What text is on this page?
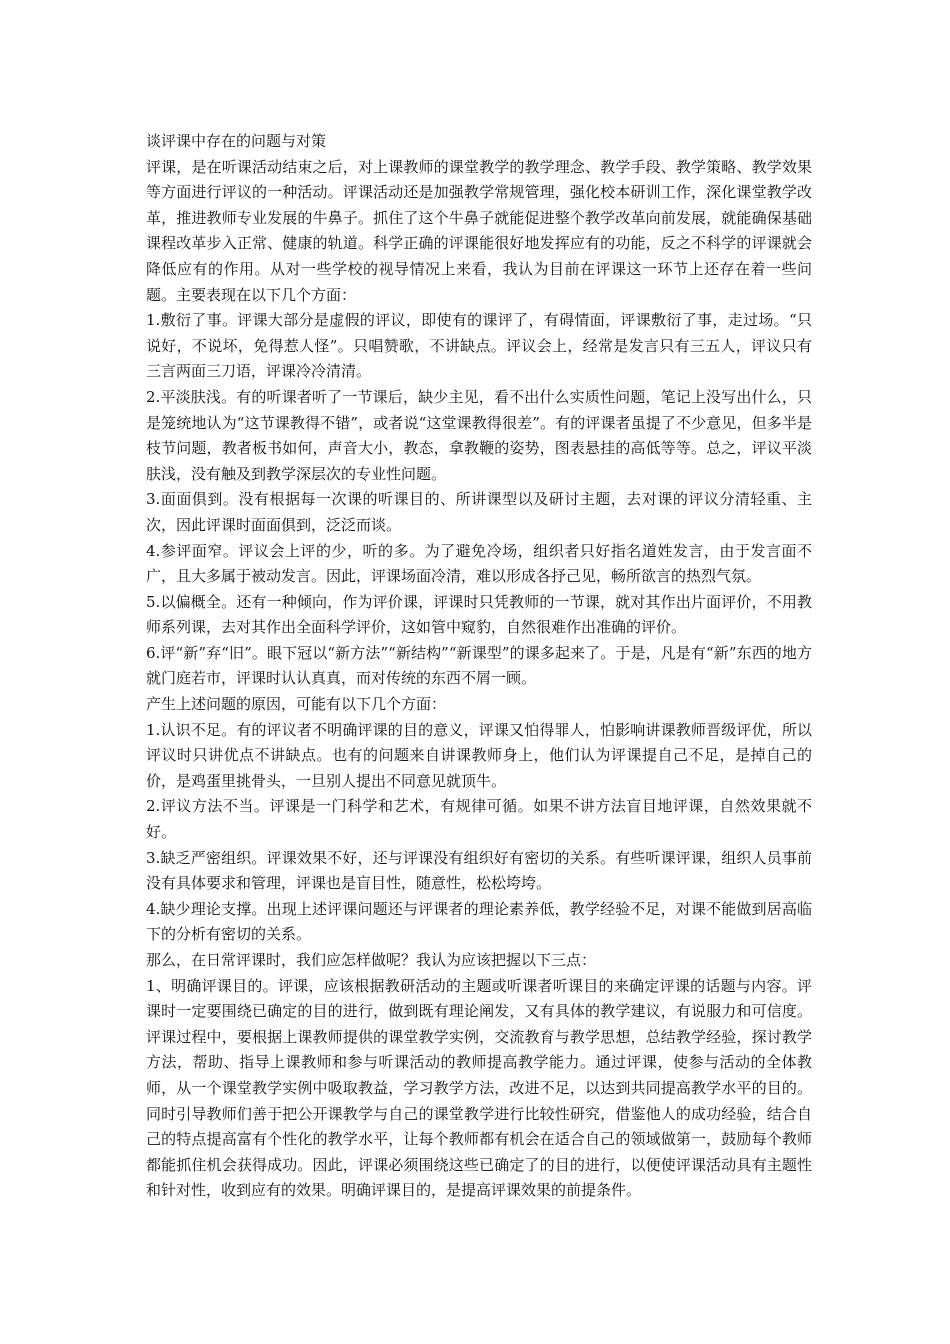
谈评课中存在的问题与对策

评课，是在听课活动结束之后，对上课教师的课堂教学的教学理念、教学手段、教学策略、教学效果等方面进行评议的一种活动。评课活动还是加强教学常规管理，强化校本研训工作，深化课堂教学改革，推进教师专业发展的牛鼻子。抓住了这个牛鼻子就能促进整个教学改革向前发展，就能确保基础课程改革步入正常、健康的轨道。科学正确的评课能很好地发挥应有的功能，反之不科学的评课就会降低应有的作用。从对一些学校的视导情况上来看，我认为目前在评课这一环节上还存在着一些问题。主要表现在以下几个方面：

1.敷衍了事。评课大部分是虚假的评议，即使有的课评了，有碍情面，评课敷衍了事，走过场。“只说好，不说坏，免得惹人怪”。只唱赞歌，不讲缺点。评议会上，经常是发言只有三五人，评议只有三言两面三刀语，评课冷冷清清。

2.平淡肤浅。有的听课者听了一节课后，缺少主见，看不出什么实质性问题，笔记上没写出什么，只是笼统地认为“这节课教得不错”，或者说“这堂课教得很差”。有的评课者虽提了不少意见，但多半是枝节问题，教者板书如何，声音大小，教态，拿教鞭的姿势，图表悬挂的高低等等。总之，评议平淡肤浅，没有触及到教学深层次的专业性问题。

3.面面俱到。没有根据每一次课的听课目的、所讲课型以及研讨主题，去对课的评议分清轻重、主次，因此评课时面面俱到，泛泛而谈。

4.参评面窄。评议会上评的少，听的多。为了避免冷场，组织者只好指名道姓发言，由于发言面不广，且大多属于被动发言。因此，评课场面冷清，难以形成各抒己见，畅所欲言的热烈气氛。

5.以偏概全。还有一种倾向，作为评价课，评课时只凭教师的一节课，就对其作出片面评价，不用教师系列课，去对其作出全面科学评价，这如管中窥豹，自然很难作出准确的评价。

6.评“新”弃“旧”。眼下冠以“新方法”“新结构”“新课型”的课多起来了。于是，凡是有“新”东西的地方就门庭若市，评课时认认真真，而对传统的东西不屑一顾。

产生上述问题的原因，可能有以下几个方面：

1.认识不足。有的评议者不明确评课的目的意义，评课又怕得罪人，怕影响讲课教师晋级评优，所以评议时只讲优点不讲缺点。也有的问题来自讲课教师身上，他们认为评课提自己不足，是掉自己的价，是鸡蛋里挑骨头，一旦别人提出不同意见就顶牛。

2.评议方法不当。评课是一门科学和艺术，有规律可循。如果不讲方法盲目地评课，自然效果就不好。

3.缺乏严密组织。评课效果不好，还与评课没有组织好有密切的关系。有些听课评课，组织人员事前没有具体要求和管理，评课也是盲目性，随意性，松松垮垮。

4.缺少理论支撑。出现上述评课问题还与评课者的理论素养低，教学经验不足，对课不能做到居高临下的分析有密切的关系。

那么，在日常评课时，我们应怎样做呢？我认为应该把握以下三点：

1、明确评课目的。评课，应该根据教研活动的主题或听课者听课目的来确定评课的话题与内容。评课时一定要围绕已确定的目的进行，做到既有理论阐发，又有具体的教学建议，有说服力和可信度。评课过程中，要根据上课教师提供的课堂教学实例，交流教育与教学思想，总结教学经验，探讨教学方法，帮助、指导上课教师和参与听课活动的教师提高教学能力。通过评课，使参与活动的全体教师，从一个课堂教学实例中吸取教益，学习教学方法，改进不足，以达到共同提高教学水平的目的。同时引导教师们善于把公开课教学与自己的课堂教学进行比较性研究，借鉴他人的成功经验，结合自己的特点提高富有个性化的教学水平，让每个教师都有机会在适合自己的领域做第一，鼓励每个教师都能抓住机会获得成功。因此，评课必须围绕这些已确定了的目的进行，以便使评课活动具有主题性和针对性，收到应有的效果。明确评课目的，是提高评课效果的前提条件。
